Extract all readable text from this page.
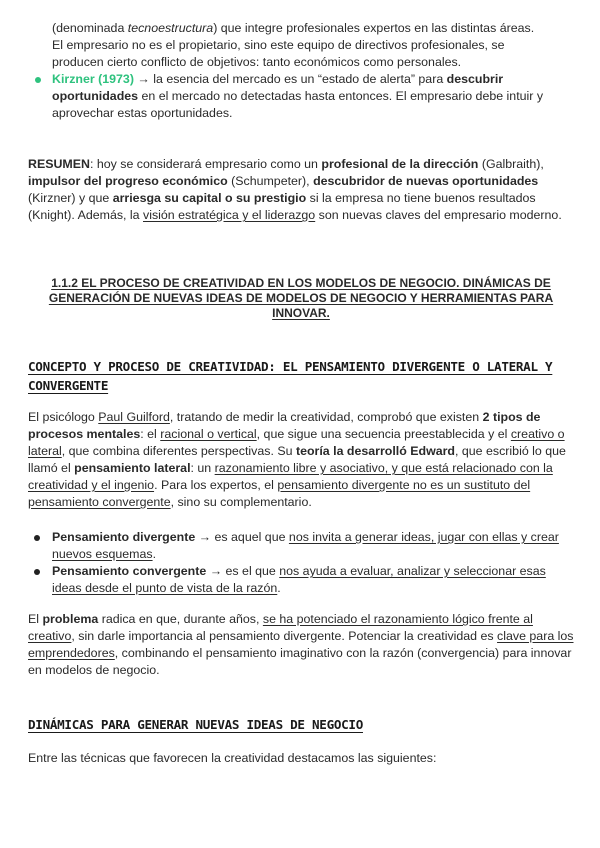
(denominada tecnoestructura) que integre profesionales expertos en las distintas áreas.

El empresario no es el propietario, sino este equipo de directivos profesionales, se

producen cierto conflicto de objetivos: tanto económicos como personales.

Kirzner (1973) → la esencia del mercado es un “estado de alerta” para descubrir oportunidades en el mercado no detectadas hasta entonces. El empresario debe intuir y aprovechar estas oportunidades.

RESUMEN: hoy se considerará empresario como un profesional de la dirección (Galbraith), impulsor del progreso económico (Schumpeter), descubridor de nuevas oportunidades (Kirzner) y que arriesga su capital o su prestigio si la empresa no tiene buenos resultados (Knight). Además, la visión estratégica y el liderazgo son nuevas claves del empresario moderno.

1.1.2 EL PROCESO DE CREATIVIDAD EN LOS MODELOS DE NEGOCIO. DINÁMICAS DE

GENERACIÓN DE NUEVAS IDEAS DE MODELOS DE NEGOCIO Y HERRAMIENTAS PARA INNOVAR.

CONCEPTO Y PROCESO DE CREATIVIDAD: EL PENSAMIENTO DIVERGENTE O LATERAL Y CONVERGENTE

El psicólogo Paul Guilford, tratando de medir la creatividad, comprobó que existen 2 tipos de procesos mentales: el racional o vertical, que sigue una secuencia preestablecida y el creativo o lateral, que combina diferentes perspectivas. Su teoría la desarrolló Edward, que escribió lo que llamó el pensamiento lateral: un razonamiento libre y asociativo, y que está relacionado con la creatividad y el ingenio. Para los expertos, el pensamiento divergente no es un sustituto del pensamiento convergente, sino su complementario.

Pensamiento divergente → es aquel que nos invita a generar ideas, jugar con ellas y crear nuevos esquemas.
Pensamiento convergente → es el que nos ayuda a evaluar, analizar y seleccionar esas ideas desde el punto de vista de la razón.

El problema radica en que, durante años, se ha potenciado el razonamiento lógico frente al creativo, sin darle importancia al pensamiento divergente. Potenciar la creatividad es clave para los emprendedores, combinando el pensamiento imaginativo con la razón (convergencia) para innovar en modelos de negocio.

DINÁMICAS PARA GENERAR NUEVAS IDEAS DE NEGOCIO

Entre las técnicas que favorecen la creatividad destacamos las siguientes:
